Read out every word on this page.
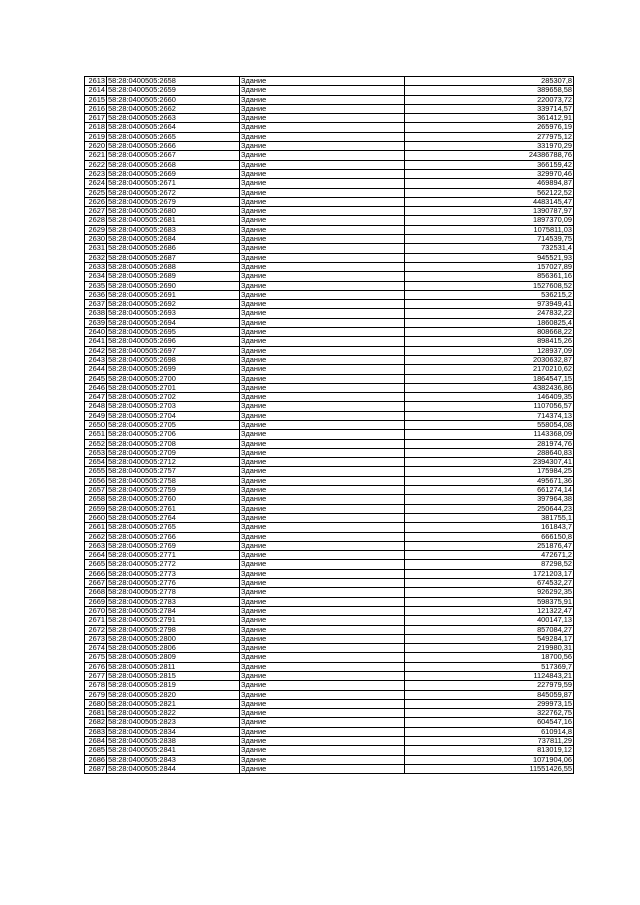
2613	58:28:0400505:2658	Здание	285307,8
2614	58:28:0400505:2659	Здание	389658,58
2615	58:28:0400505:2660	Здание	220073,72
2616	58:28:0400505:2662	Здание	339714,57
2617	58:28:0400505:2663	Здание	361412,91
2618	58:28:0400505:2664	Здание	265976,19
2619	58:28:0400505:2665	Здание	277975,12
2620	58:28:0400505:2666	Здание	331970,29
2621	58:28:0400505:2667	Здание	24386788,76
2622	58:28:0400505:2668	Здание	366159,42
2623	58:28:0400505:2669	Здание	329970,46
2624	58:28:0400505:2671	Здание	469894,87
2625	58:28:0400505:2672	Здание	562122,52
2626	58:28:0400505:2679	Здание	4483145,47
2627	58:28:0400505:2680	Здание	1390787,97
2628	58:28:0400505:2681	Здание	1897370,09
2629	58:28:0400505:2683	Здание	1075811,03
2630	58:28:0400505:2684	Здание	714539,75
2631	58:28:0400505:2686	Здание	732531,4
2632	58:28:0400505:2687	Здание	945521,93
2633	58:28:0400505:2688	Здание	157027,89
2634	58:28:0400505:2689	Здание	856361,16
2635	58:28:0400505:2690	Здание	1527608,52
2636	58:28:0400505:2691	Здание	536215,2
2637	58:28:0400505:2692	Здание	973949,41
2638	58:28:0400505:2693	Здание	247832,22
2639	58:28:0400505:2694	Здание	1860825,4
2640	58:28:0400505:2695	Здание	808668,22
2641	58:28:0400505:2696	Здание	898415,26
2642	58:28:0400505:2697	Здание	128937,09
2643	58:28:0400505:2698	Здание	2030632,87
2644	58:28:0400505:2699	Здание	2170210,62
2645	58:28:0400505:2700	Здание	1864547,15
2646	58:28:0400505:2701	Здание	4382436,86
2647	58:28:0400505:2702	Здание	146409,35
2648	58:28:0400505:2703	Здание	1107056,57
2649	58:28:0400505:2704	Здание	714374,13
2650	58:28:0400505:2705	Здание	558054,08
2651	58:28:0400505:2706	Здание	1143368,09
2652	58:28:0400505:2708	Здание	281974,76
2653	58:28:0400505:2709	Здание	288640,83
2654	58:28:0400505:2712	Здание	2394307,41
2655	58:28:0400505:2757	Здание	175984,25
2656	58:28:0400505:2758	Здание	495671,36
2657	58:28:0400505:2759	Здание	661274,14
2658	58:28:0400505:2760	Здание	397964,38
2659	58:28:0400505:2761	Здание	250644,23
2660	58:28:0400505:2764	Здание	381755,1
2661	58:28:0400505:2765	Здание	161843,7
2662	58:28:0400505:2766	Здание	666150,8
2663	58:28:0400505:2769	Здание	251876,47
2664	58:28:0400505:2771	Здание	472671,2
2665	58:28:0400505:2772	Здание	87298,52
2666	58:28:0400505:2773	Здание	1721203,17
2667	58:28:0400505:2776	Здание	674532,27
2668	58:28:0400505:2778	Здание	926292,35
2669	58:28:0400505:2783	Здание	598375,91
2670	58:28:0400505:2784	Здание	121322,47
2671	58:28:0400505:2791	Здание	400147,13
2672	58:28:0400505:2798	Здание	857084,27
2673	58:28:0400505:2800	Здание	549284,17
2674	58:28:0400505:2806	Здание	219980,31
2675	58:28:0400505:2809	Здание	18700,56
2676	58:28:0400505:2811	Здание	517369,7
2677	58:28:0400505:2815	Здание	1124843,21
2678	58:28:0400505:2819	Здание	227979,59
2679	58:28:0400505:2820	Здание	845059,87
2680	58:28:0400505:2821	Здание	299973,15
2681	58:28:0400505:2822	Здание	322762,75
2682	58:28:0400505:2823	Здание	604547,16
2683	58:28:0400505:2834	Здание	610914,8
2684	58:28:0400505:2838	Здание	737811,29
2685	58:28:0400505:2841	Здание	813019,12
2686	58:28:0400505:2843	Здание	1071904,06
2687	58:28:0400505:2844	Здание	11551426,55
